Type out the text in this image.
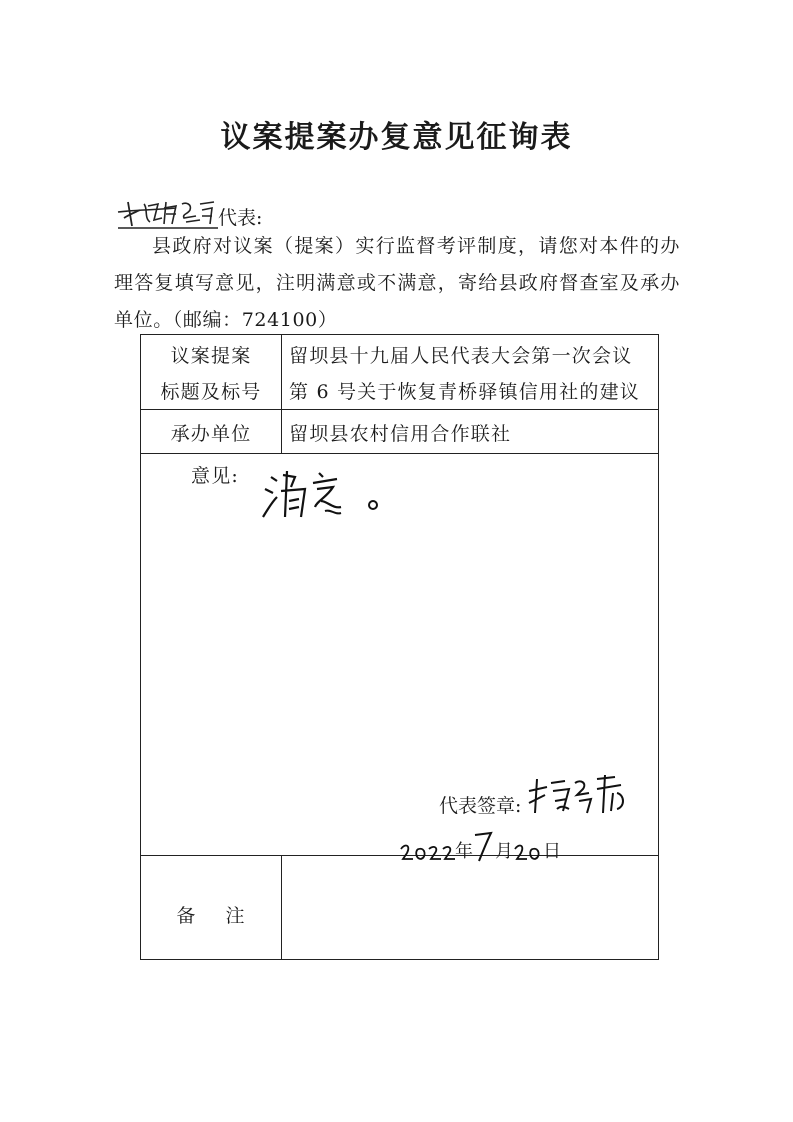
议案提案办复意见征询表
代表:
县政府对议案（提案）实行监督考评制度，请您对本件的办理答复填写意见，注明满意或不满意，寄给县政府督查室及承办单位。（邮编：724100）
议案提案
标题及标号
留坝县十九届人民代表大会第一次会议
第 6 号关于恢复青桥驿镇信用社的建议
承办单位	留坝县农村信用合作联社
意见:
代表签章:
年 月 日
备    注
